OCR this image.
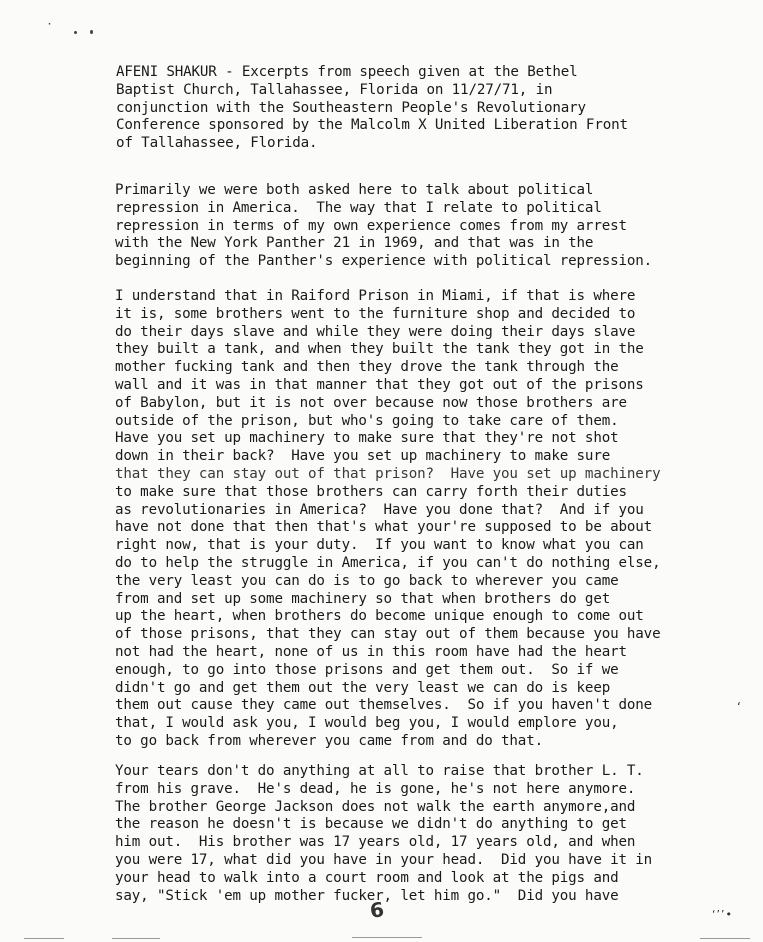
˙
AFENI SHAKUR - Excerpts from speech given at the Bethel
Baptist Church, Tallahassee, Florida on 11/27/71, in
conjunction with the Southeastern People's Revolutionary
Conference sponsored by the Malcolm X United Liberation Front
of Tallahassee, Florida.
Primarily we were both asked here to talk about political
repression in America.  The way that I relate to political
repression in terms of my own experience comes from my arrest
with the New York Panther 21 in 1969, and that was in the
beginning of the Panther's experience with political repression.
I understand that in Raiford Prison in Miami, if that is where
it is, some brothers went to the furniture shop and decided to
do their days slave and while they were doing their days slave
they built a tank, and when they built the tank they got in the
mother fucking tank and then they drove the tank through the
wall and it was in that manner that they got out of the prisons
of Babylon, but it is not over because now those brothers are
outside of the prison, but who's going to take care of them.
Have you set up machinery to make sure that they're not shot
down in their back?  Have you set up machinery to make sure
that they can stay out of that prison?  Have you set up machinery
to make sure that those brothers can carry forth their duties
as revolutionaries in America?  Have you done that?  And if you
have not done that then that's what your're supposed to be about
right now, that is your duty.  If you want to know what you can
do to help the struggle in America, if you can't do nothing else,
the very least you can do is to go back to wherever you came
from and set up some machinery so that when brothers do get
up the heart, when brothers do become unique enough to come out
of those prisons, that they can stay out of them because you have
not had the heart, none of us in this room have had the heart
enough, to go into those prisons and get them out.  So if we
didn't go and get them out the very least we can do is keep
them out cause they came out themselves.  So if you haven't done
that, I would ask you, I would beg you, I would emplore you,
to go back from wherever you came from and do that.
Your tears don't do anything at all to raise that brother L. T.
from his grave.  He's dead, he is gone, he's not here anymore.
The brother George Jackson does not walk the earth anymore,and
the reason he doesn't is because we didn't do anything to get
him out.  His brother was 17 years old, 17 years old, and when
you were 17, what did you have in your head.  Did you have it in
your head to walk into a court room and look at the pigs and
say, "Stick 'em up mother fucker, let him go."  Did you have
6
‘
‘’’•
